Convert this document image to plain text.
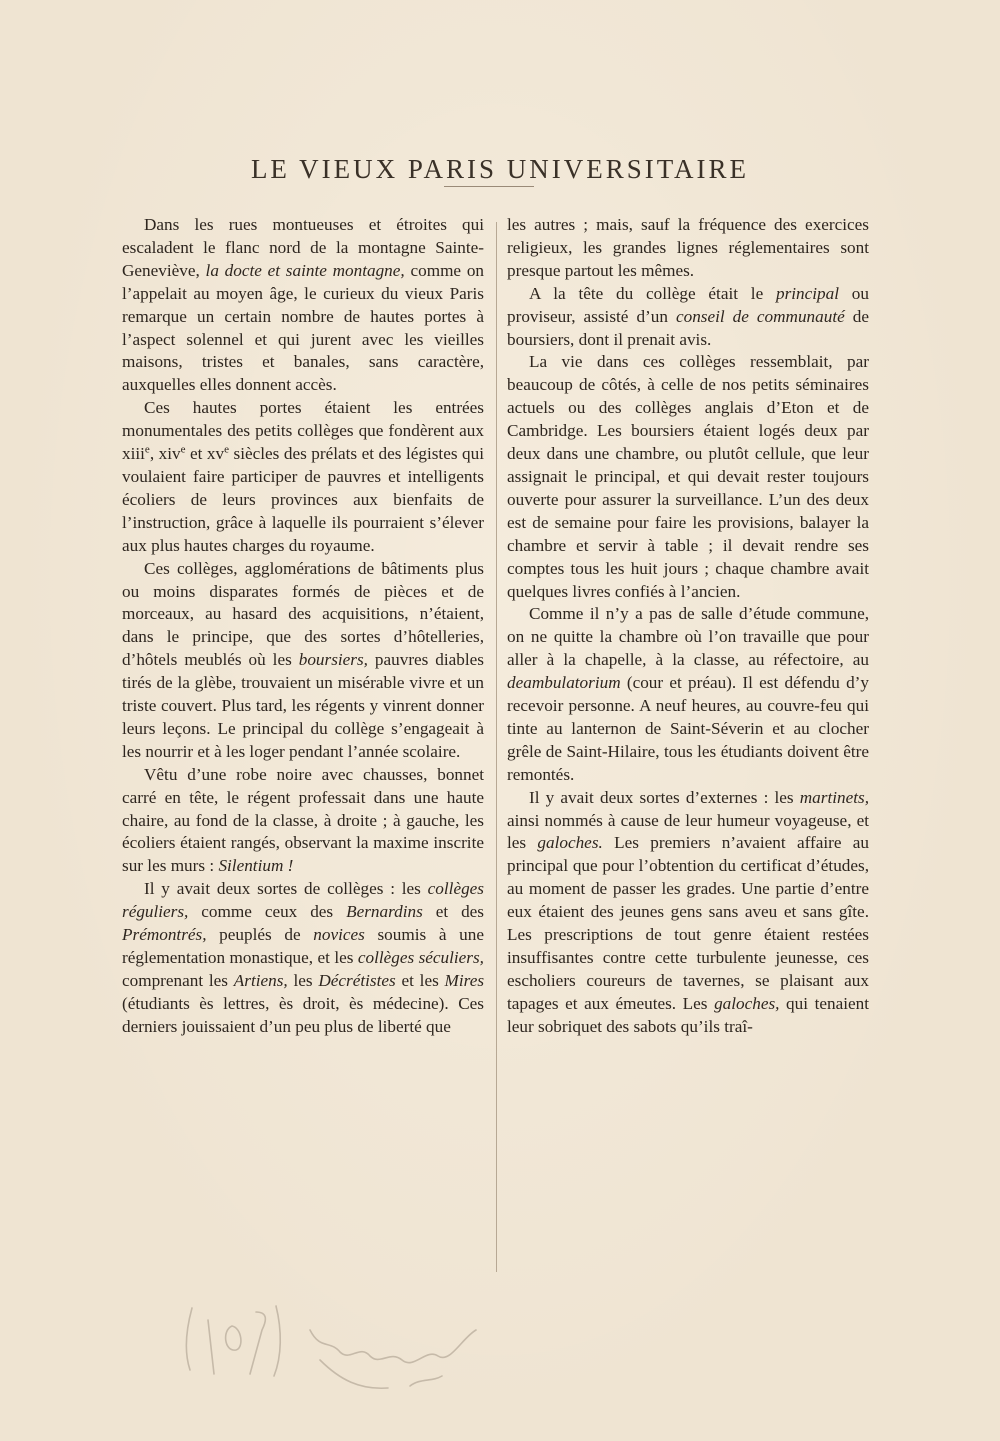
LE VIEUX PARIS UNIVERSITAIRE

Dans les rues montueuses et étroites qui escaladent le flanc nord de la montagne Sainte-Geneviève, la docte et sainte montagne, comme on l’appelait au moyen âge, le curieux du vieux Paris remarque un certain nombre de hautes portes à l’aspect solennel et qui jurent avec les vieilles maisons, tristes et banales, sans caractère, auxquelles elles donnent accès.

Ces hautes portes étaient les entrées monumentales des petits collèges que fondèrent aux xiii$^e$, xiv$^e$ et $xv^e$ siècles des prélats et des légistes qui voulaient faire participer de pauvres et intelligents écoliers de leurs provinces aux bienfaits de l’instruction, grâce à laquelle ils pourraient s’élever aux plus hautes charges du royaume.

Ces collèges, agglomérations de bâtiments plus ou moins disparates formés de pièces et de morceaux, au hasard des acquisitions, n’étaient, dans le principe, que des sortes d’hôtelleries, d’hôtels meublés où les boursiers, pauvres diables tirés de la glèbe, trouvaient un misérable vivre et un triste couvert. Plus tard, les régents y vinrent donner leurs leçons. Le principal du collège s’engageait à les nourrir et à les loger pendant l’année scolaire.

Vêtu d’une robe noire avec chausses, bonnet carré en tête, le régent professait dans une haute chaire, au fond de la classe, à droite ; à gauche, les écoliers étaient rangés, observant la maxime inscrite sur les murs : Silentium !

Il y avait deux sortes de collèges : les collèges réguliers, comme ceux des Bernardins et des Prémontrés, peuplés de novices soumis à une réglementation monastique, et les collèges séculiers, comprenant les Artiens, les Décrétistes et les Mires (étudiants ès lettres, ès droit, ès médecine). Ces derniers jouissaient d’un peu plus de liberté que

les autres ; mais, sauf la fréquence des exercices religieux, les grandes lignes réglementaires sont presque partout les mêmes.

A la tête du collège était le principal ou proviseur, assisté d’un conseil de communauté de boursiers, dont il prenait avis.

La vie dans ces collèges ressemblait, par beaucoup de côtés, à celle de nos petits séminaires actuels ou des collèges anglais d’Eton et de Cambridge. Les boursiers étaient logés deux par deux dans une chambre, ou plutôt cellule, que leur assignait le principal, et qui devait rester toujours ouverte pour assurer la surveillance. L’un des deux est de semaine pour faire les provisions, balayer la chambre et servir à table ; il devait rendre ses comptes tous les huit jours ; chaque chambre avait quelques livres confiés à l’ancien.

Comme il n’y a pas de salle d’étude commune, on ne quitte la chambre où l’on travaille que pour aller à la chapelle, à la classe, au réfectoire, au deambulatorium (cour et préau). Il est défendu d’y recevoir personne. A neuf heures, au couvre-feu qui tinte au lanternon de Saint-Séverin et au clocher grêle de Saint-Hilaire, tous les étudiants doivent être remontés.

Il y avait deux sortes d’externes : les martinets, ainsi nommés à cause de leur humeur voyageuse, et les galoches. Les premiers n’avaient affaire au principal que pour l’obtention du certificat d’études, au moment de passer les grades. Une partie d’entre eux étaient des jeunes gens sans aveu et sans gîte. Les prescriptions de tout genre étaient restées insuffisantes contre cette turbulente jeunesse, ces escholiers coureurs de tavernes, se plaisant aux tapages et aux émeutes. Les galoches, qui tenaient leur sobriquet des sabots qu’ils traî-
